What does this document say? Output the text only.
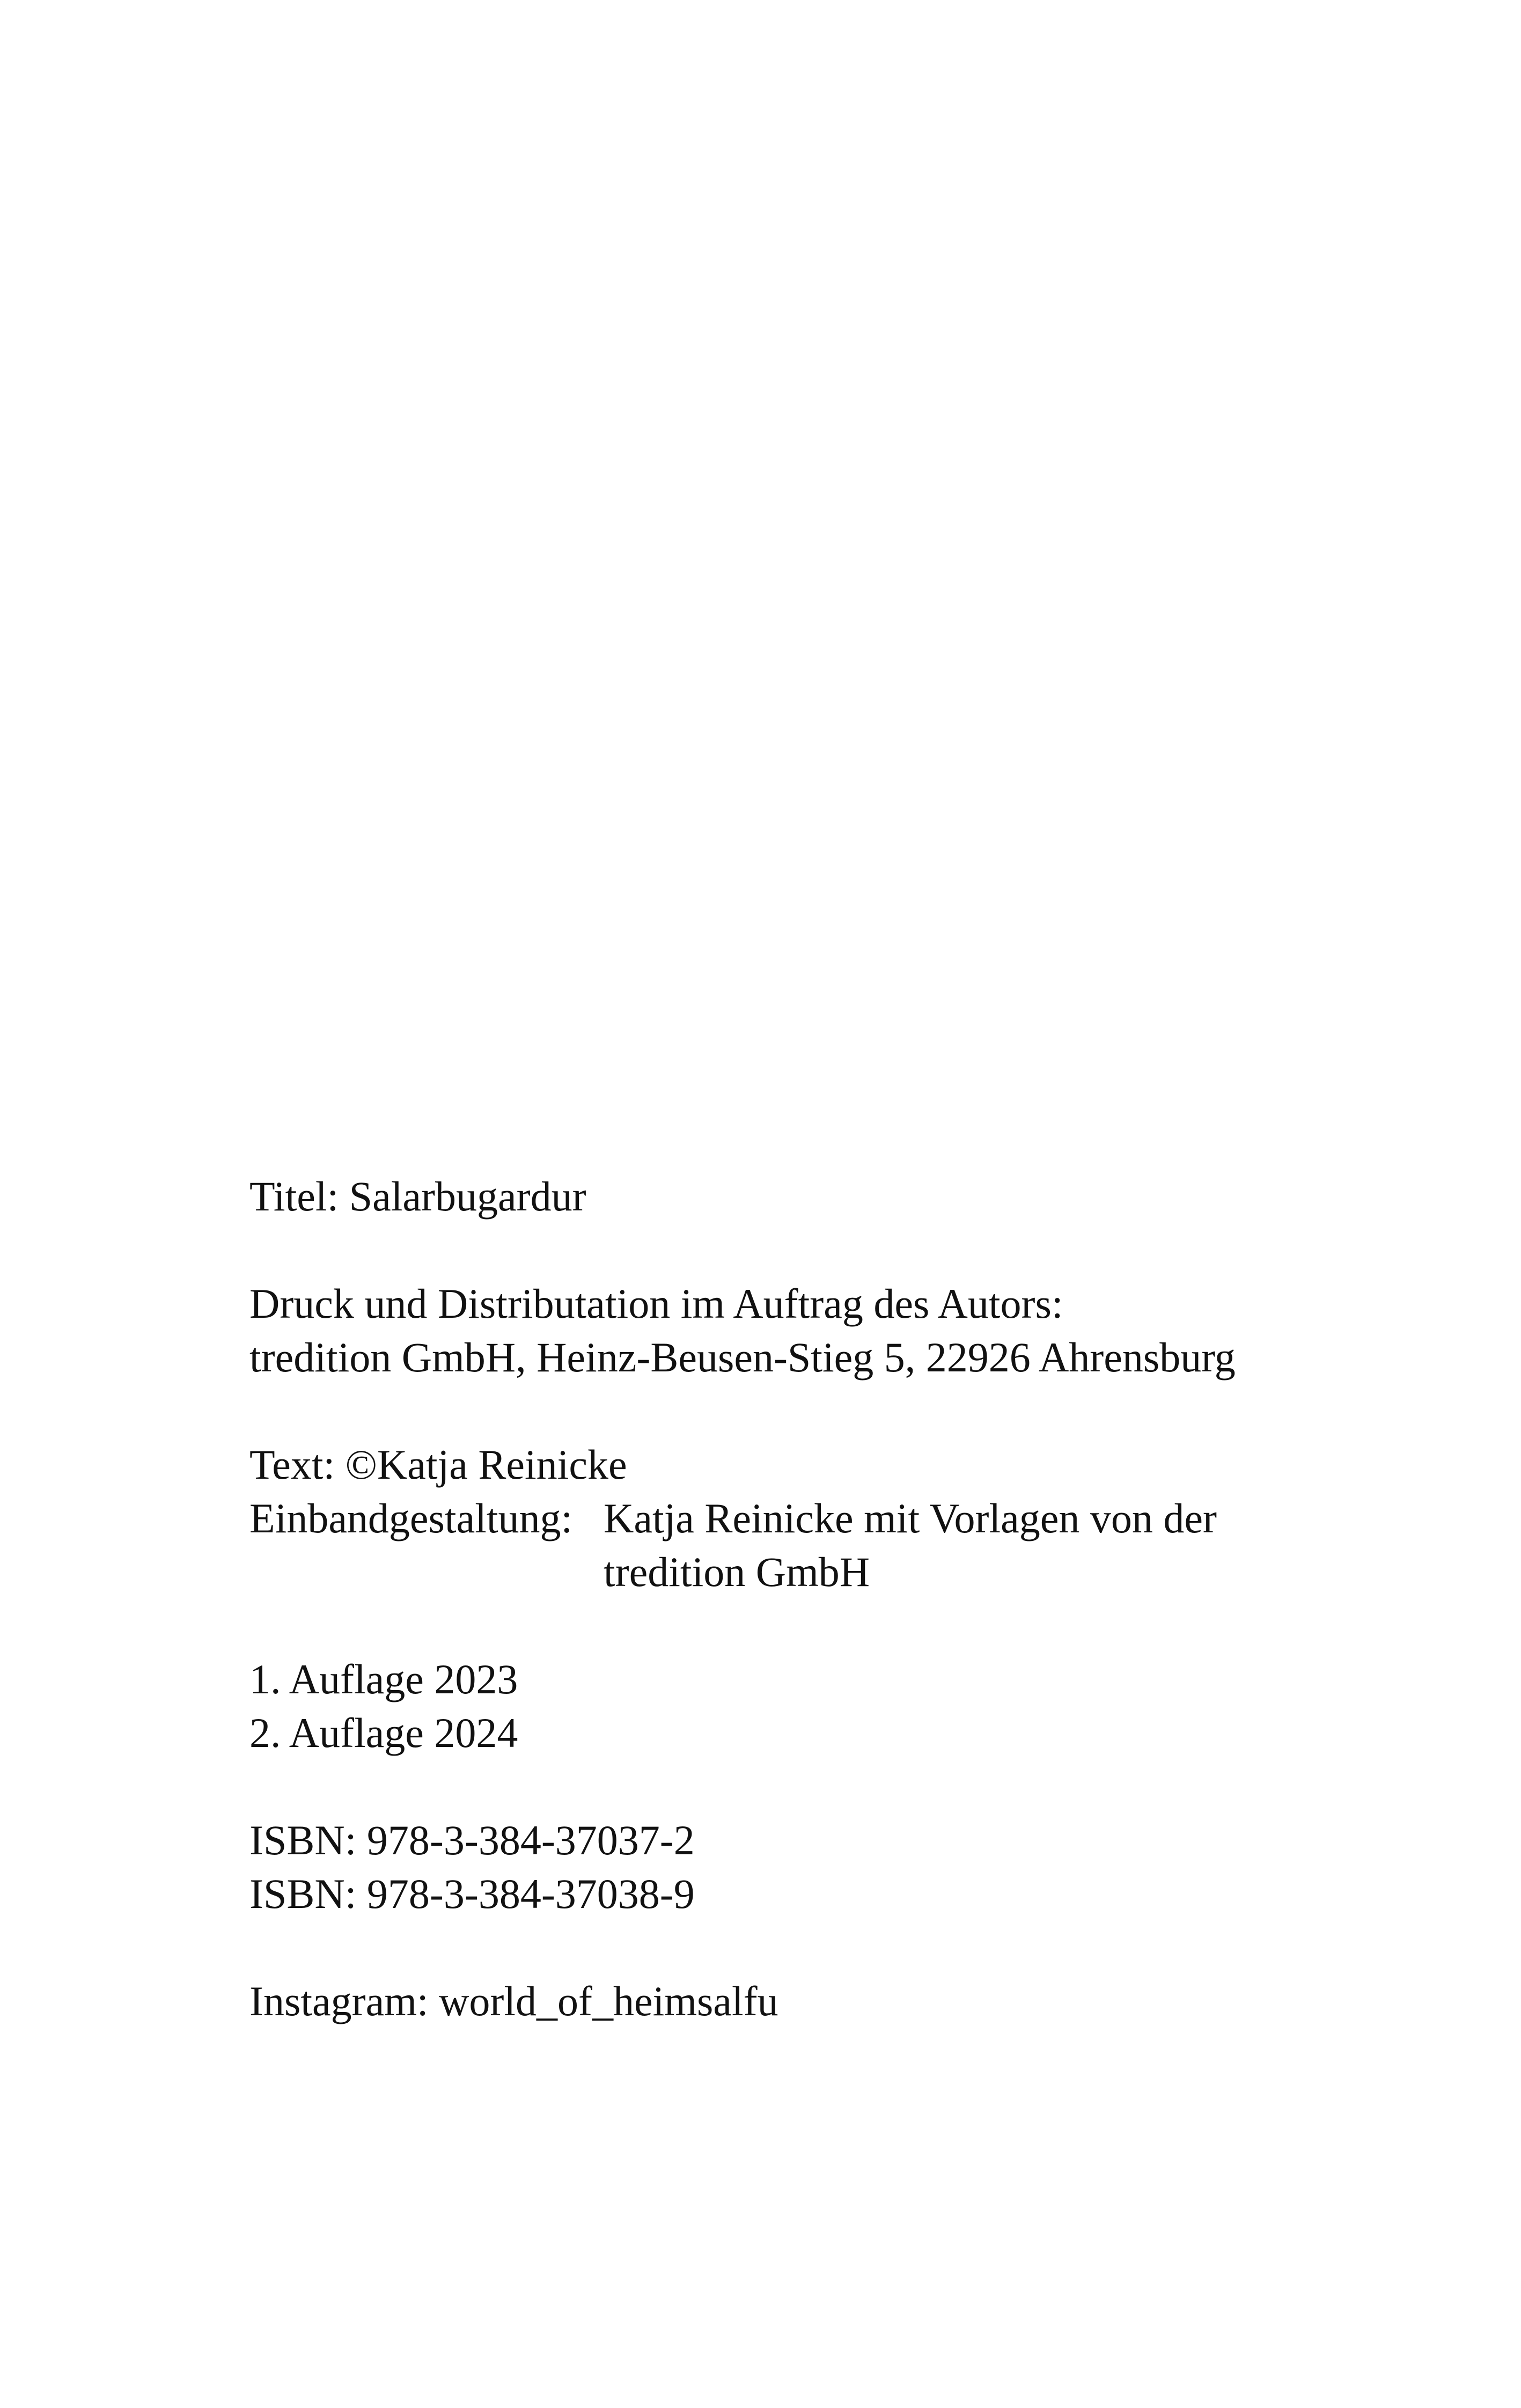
Titel: Salarbugardur
Druck und Distributation im Auftrag des Autors:
tredition GmbH, Heinz-Beusen-Stieg 5, 22926 Ahrensburg
Text: ©Katja Reinicke
Einbandgestaltung: Katja Reinicke mit Vorlagen von der
tredition GmbH
1. Auflage 2023
2. Auflage 2024
ISBN: 978-3-384-37037-2
ISBN: 978-3-384-37038-9
Instagram: world_of_heimsalfu
